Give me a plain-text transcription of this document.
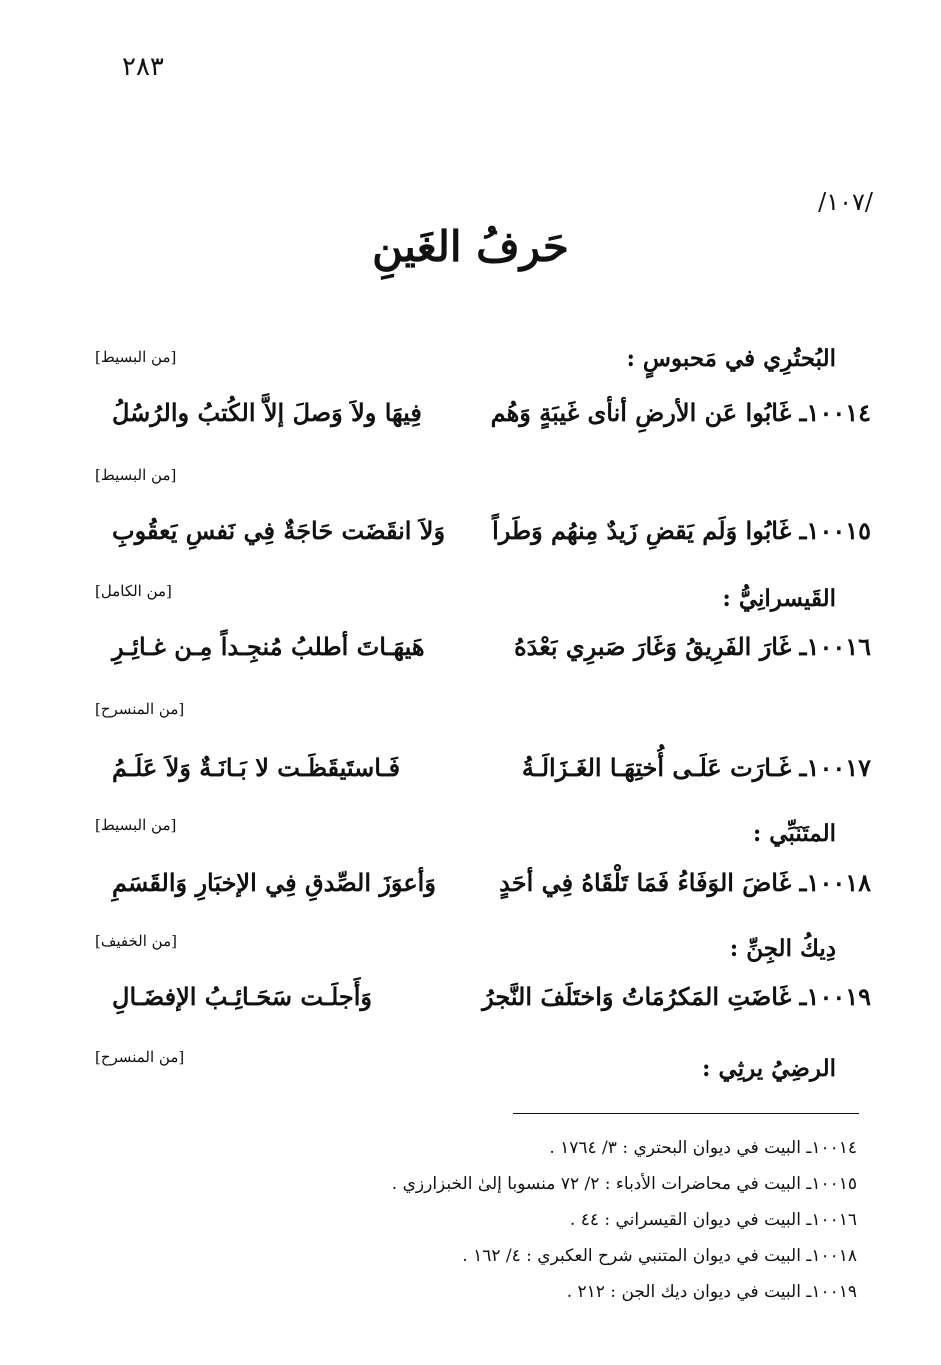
٢٨٣
/١٠٧/
حَرفُ الغَينِ
البُحتُرِي في مَحبوسٍ :
[من البسيط]
١٠٠١٤ـ غَابُوا عَن الأرضِ أنأى غَيبَةٍ وَهُم
فِيهَا ولاَ وَصلَ إلاَّ الكُتبُ والرُسُلُ
[من البسيط]
١٠٠١٥ـ غَابُوا وَلَم يَقضِ زَيدٌ مِنهُم وَطَراً
وَلاَ انقَضَت حَاجَةٌ فِي نَفسِ يَعقُوبِ
القَيسرانِيُّ :
[من الكامل]
١٠٠١٦ـ غَارَ الفَرِيقُ وَغَارَ صَبرِي بَعْدَهُ
هَيهَـاتَ أطلبُ مُنجِـداً مِـن غـائِـرِ
[من المنسرح]
١٠٠١٧ـ غَـارَت عَلَـى أُختِهَـا الغَـزَالَـةُ
فَـاستَيقَظَـت لا بَـانَـةٌ وَلاَ عَلَـمُ
المتَنَبِّي :
[من البسيط]
١٠٠١٨ـ غَاضَ الوَفَاءُ فَمَا تَلْقَاهُ فِي أحَدٍ
وَأعوَزَ الصِّدقِ فِي الإخبَارِ وَالقَسَمِ
دِيكُ الجِنِّ :
[من الخفيف]
١٠٠١٩ـ غَاضَتِ المَكرُمَاتُ وَاختَلَفَ النَّجرُ
وَأَجلَـت سَحَـائِـبُ الإفضَـالِ
الرضِيُ يرثِي :
[من المنسرح]
١٠٠١٤ـ البيت في ديوان البحتري : ٣/ ١٧٦٤ .
١٠٠١٥ـ البيت في محاضرات الأدباء : ٢/ ٧٢ منسوبا إلىٰ الخبزارزي .
١٠٠١٦ـ البيت في ديوان القيسراني : ٤٤ .
١٠٠١٨ـ البيت في ديوان المتنبي شرح العكبري : ٤/ ١٦٢ .
١٠٠١٩ـ البيت في ديوان ديك الجن : ٢١٢ .
